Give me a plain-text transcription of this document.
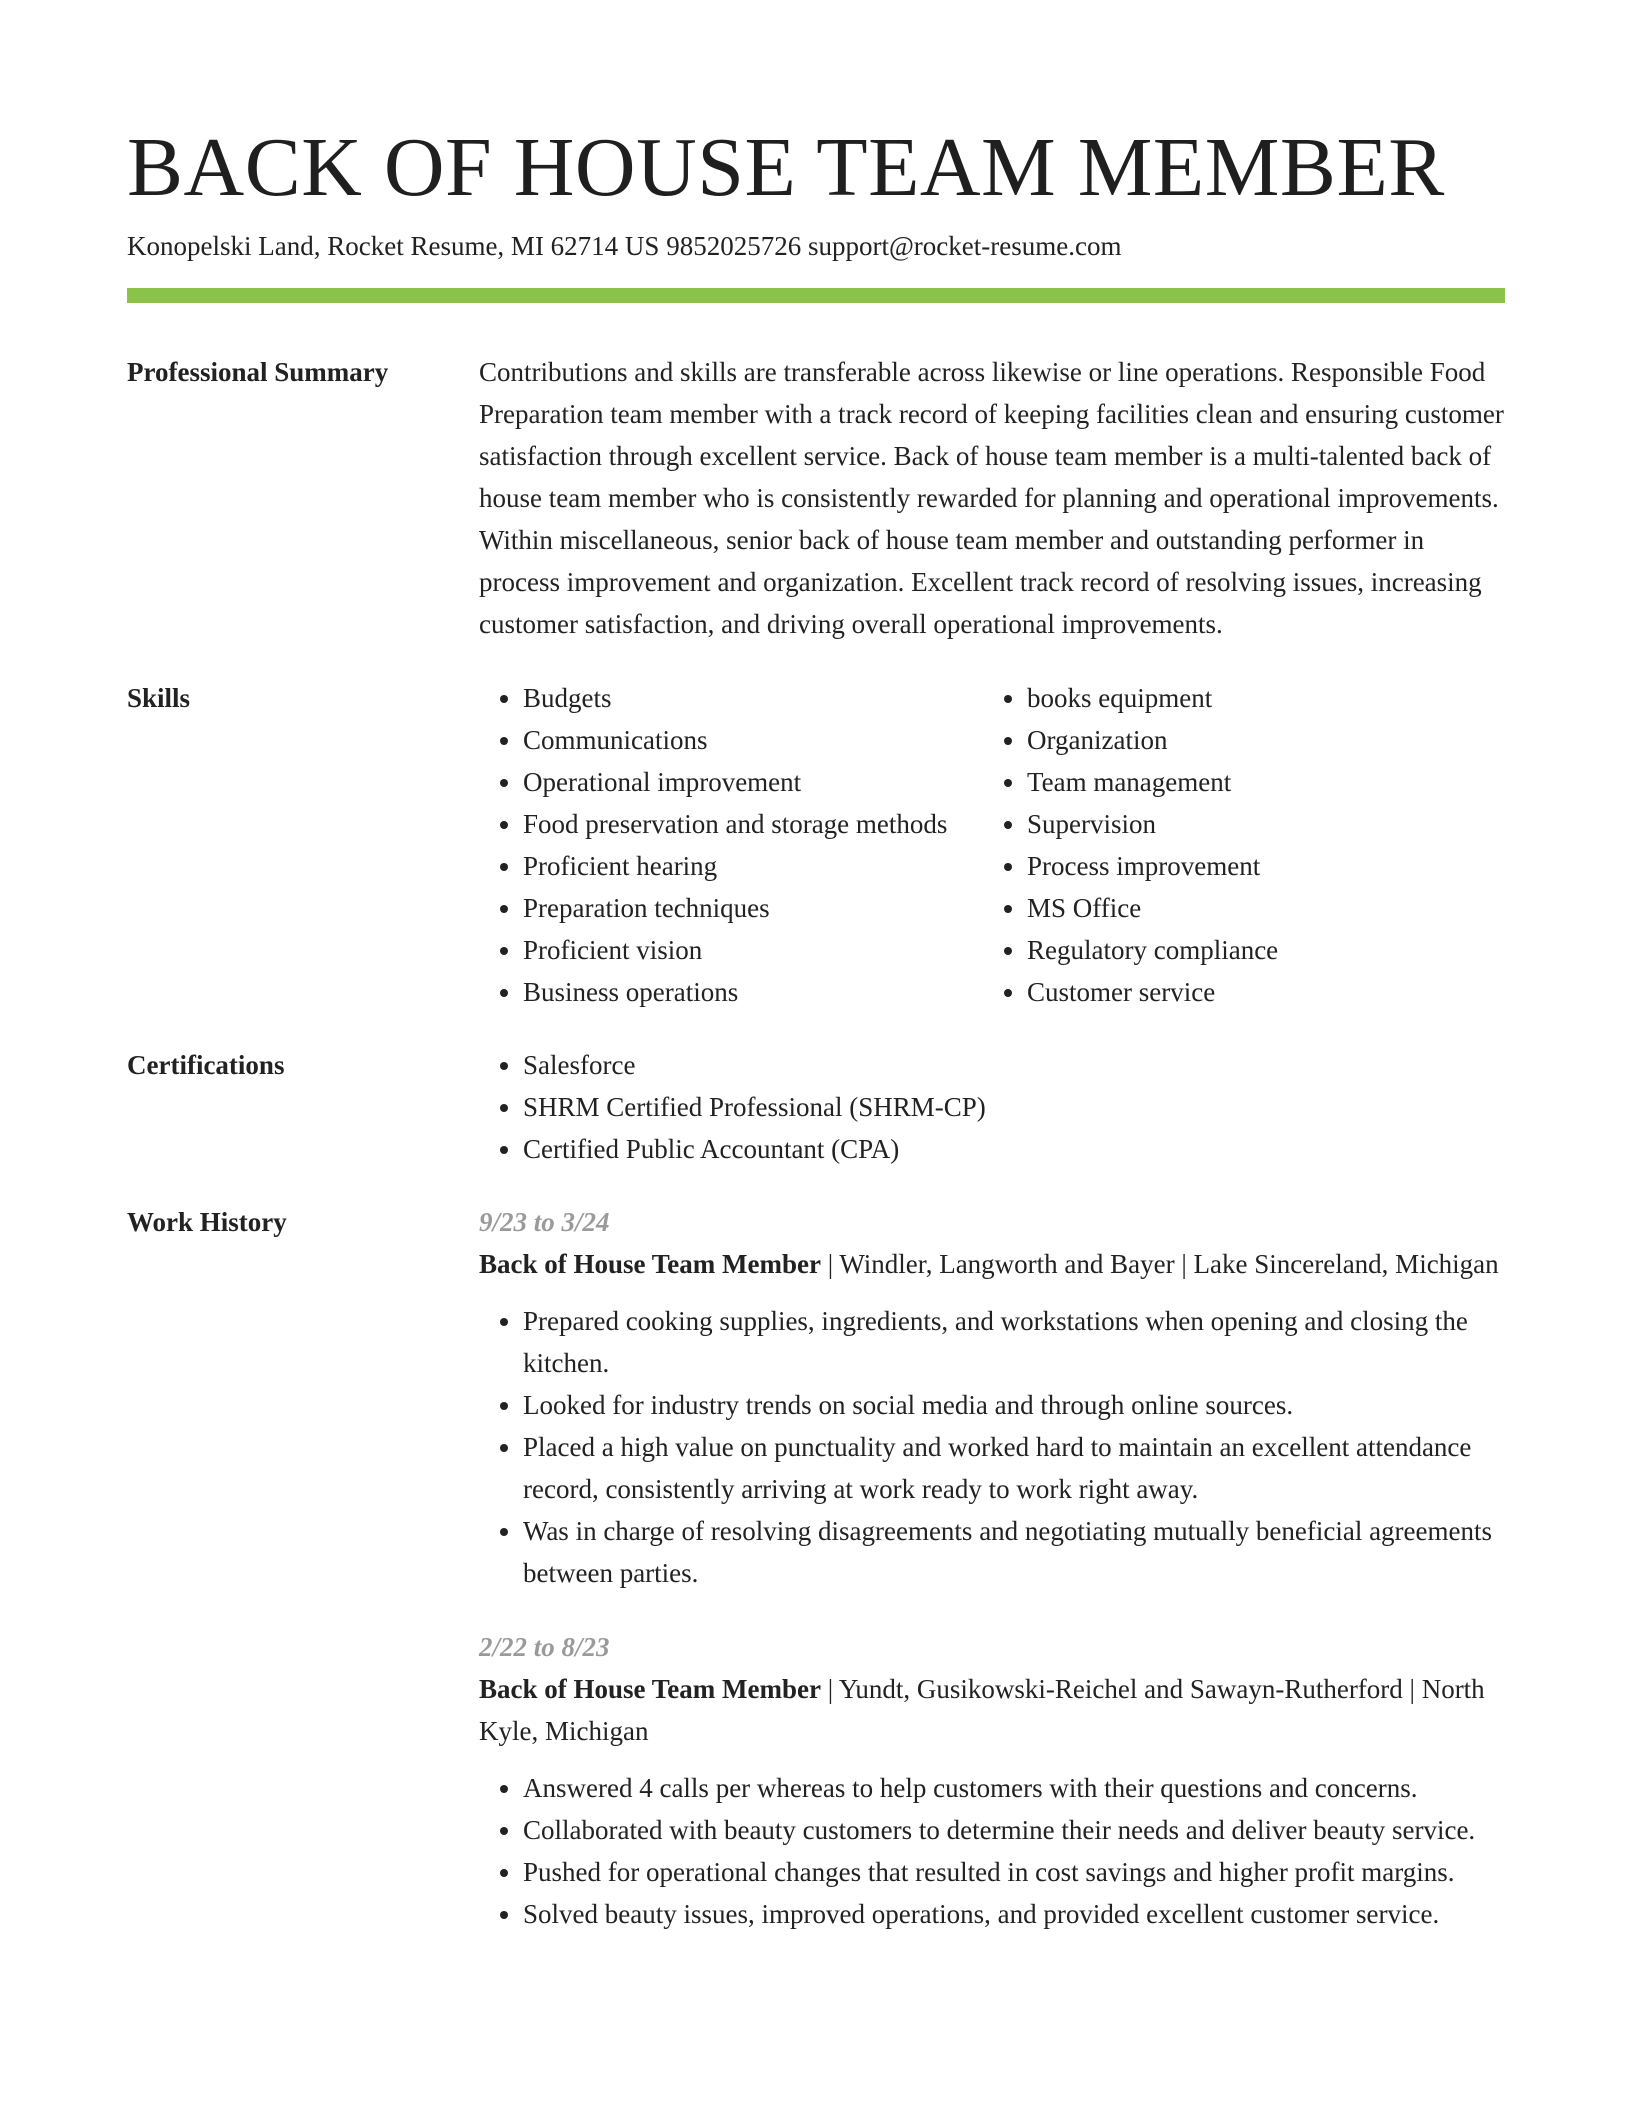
BACK OF HOUSE TEAM MEMBER
Konopelski Land, Rocket Resume, MI 62714 US 9852025726 support@rocket-resume.com
Professional Summary	Contributions and skills are transferable across likewise or line operations. Responsible Food Preparation team member with a track record of keeping facilities clean and ensuring customer satisfaction through excellent service. Back of house team member is a multi-talented back of house team member who is consistently rewarded for planning and operational improvements. Within miscellaneous, senior back of house team member and outstanding performer in process improvement and organization. Excellent track record of resolving issues, increasing customer satisfaction, and driving overall operational improvements.

Skills	• Budgets
• Communications
• Operational improvement
• Food preservation and storage methods
• Proficient hearing
• Preparation techniques
• Proficient vision
• Business operations
• books equipment
• Organization
• Team management
• Supervision
• Process improvement
• MS Office
• Regulatory compliance
• Customer service
Certifications	• Salesforce
• SHRM Certified Professional (SHRM-CP)
• Certified Public Accountant (CPA)
Work History	9/23 to 3/24
Back of House Team Member | Windler, Langworth and Bayer | Lake Sincereland, Michigan
• Prepared cooking supplies, ingredients, and workstations when opening and closing the kitchen.
• Looked for industry trends on social media and through online sources.
• Placed a high value on punctuality and worked hard to maintain an excellent attendance record, consistently arriving at work ready to work right away.
• Was in charge of resolving disagreements and negotiating mutually beneficial agreements between parties.
2/22 to 8/23
Back of House Team Member | Yundt, Gusikowski-Reichel and Sawayn-Rutherford | North Kyle, Michigan
• Answered 4 calls per whereas to help customers with their questions and concerns.
• Collaborated with beauty customers to determine their needs and deliver beauty service.
• Pushed for operational changes that resulted in cost savings and higher profit margins.
• Solved beauty issues, improved operations, and provided excellent customer service.
